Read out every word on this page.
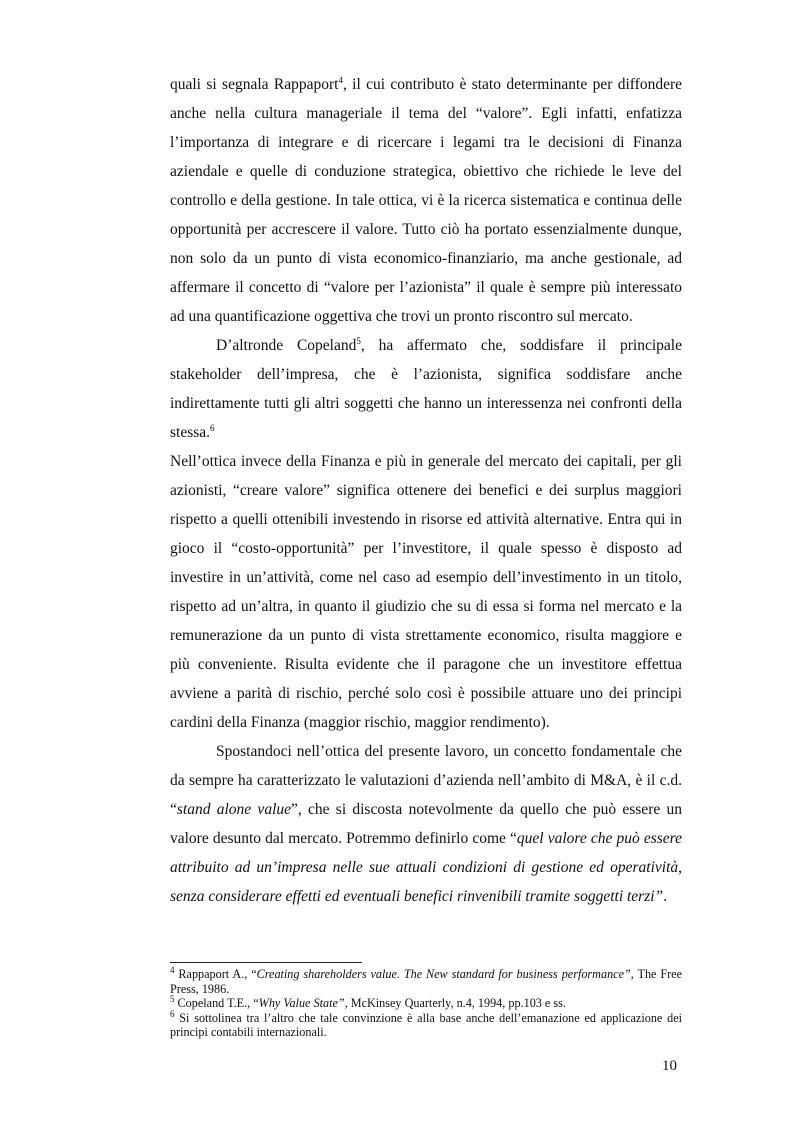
quali si segnala Rappaport$^4$, il cui contributo è stato determinante per diffondere anche nella cultura manageriale il tema del “valore”. Egli infatti, enfatizza l’importanza di integrare e di ricercare i legami tra le decisioni di Finanza aziendale e quelle di conduzione strategica, obiettivo che richiede le leve del controllo e della gestione. In tale ottica, vi è la ricerca sistematica e continua delle opportunità per accrescere il valore. Tutto ciò ha portato essenzialmente dunque, non solo da un punto di vista economico-finanziario, ma anche gestionale, ad affermare il concetto di “valore per l’azionista” il quale è sempre più interessato ad una quantificazione oggettiva che trovi un pronto riscontro sul mercato.

D’altronde Copeland$^5$, ha affermato che, soddisfare il principale stakeholder dell’impresa, che è l’azionista, significa soddisfare anche indirettamente tutti gli altri soggetti che hanno un interessenza nei confronti della stessa.$^6$

Nell’ottica invece della Finanza e più in generale del mercato dei capitali, per gli azionisti, “creare valore” significa ottenere dei benefici e dei surplus maggiori rispetto a quelli ottenibili investendo in risorse ed attività alternative. Entra qui in gioco il “costo-opportunità” per l’investitore, il quale spesso è disposto ad investire in un’attività, come nel caso ad esempio dell’investimento in un titolo, rispetto ad un’altra, in quanto il giudizio che su di essa si forma nel mercato e la remunerazione da un punto di vista strettamente economico, risulta maggiore e più conveniente. Risulta evidente che il paragone che un investitore effettua avviene a parità di rischio, perché solo così è possibile attuare uno dei principi cardini della Finanza (maggior rischio, maggior rendimento).

Spostandoci nell’ottica del presente lavoro, un concetto fondamentale che da sempre ha caratterizzato le valutazioni d’azienda nell’ambito di M&A, è il c.d. “stand alone value”, che si discosta notevolmente da quello che può essere un valore desunto dal mercato. Potremmo definirlo come “quel valore che può essere attribuito ad un’impresa nelle sue attuali condizioni di gestione ed operatività, senza considerare effetti ed eventuali benefici rinvenibili tramite soggetti terzi”.

$^4$ Rappaport A., “Creating shareholders value. The New standard for business performance”, The Free Press, 1986.

$^5$ Copeland T.E., “Why Value State”, McKinsey Quarterly, n.4, 1994, pp.103 e ss.

$^6$ Si sottolinea tra l’altro che tale convinzione è alla base anche dell’emanazione ed applicazione dei principi contabili internazionali.

10
